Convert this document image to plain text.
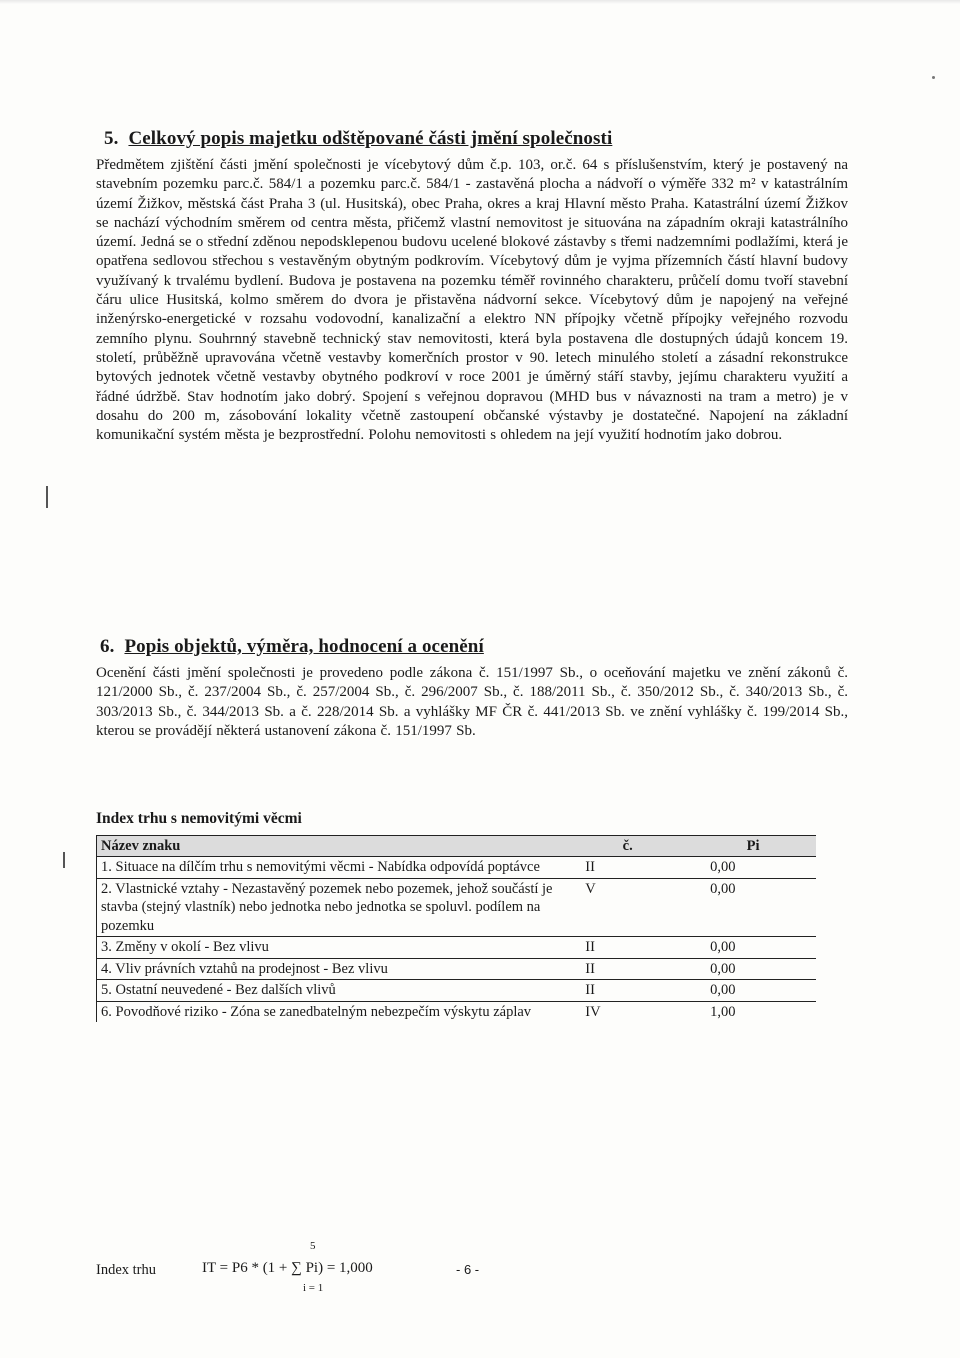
5. Celkový popis majetku odštěpované části jmění společnosti

Předmětem zjištění části jmění společnosti je vícebytový dům č.p. 103, or.č. 64 s příslušenstvím, který je postavený na stavebním pozemku parc.č. 584/1 a pozemku parc.č. 584/1 - zastavěná plocha a nádvoří o výměře 332 m² v katastrálním území Žižkov, městská část Praha 3 (ul. Husitská), obec Praha, okres a kraj Hlavní město Praha. Katastrální území Žižkov se nachází východním směrem od centra města, přičemž vlastní nemovitost je situována na západním okraji katastrálního území. Jedná se o střední zděnou nepodsklepenou budovu ucelené blokové zástavby s třemi nadzemními podlažími, která je opatřena sedlovou střechou s vestavěným obytným podkrovím. Vícebytový dům je vyjma přízemních částí hlavní budovy využívaný k trvalému bydlení. Budova je postavena na pozemku téměř rovinného charakteru, průčelí domu tvoří stavební čáru ulice Husitská, kolmo směrem do dvora je přistavěna nádvorní sekce. Vícebytový dům je napojený na veřejné inženýrsko-energetické v rozsahu vodovodní, kanalizační a elektro NN přípojky včetně přípojky veřejného rozvodu zemního plynu. Souhrnný stavebně technický stav nemovitosti, která byla postavena dle dostupných údajů koncem 19. století, průběžně upravována včetně vestavby komerčních prostor v 90. letech minulého století a zásadní rekonstrukce bytových jednotek včetně vestavby obytného podkroví v roce 2001 je úměrný stáří stavby, jejímu charakteru využití a řádné údržbě. Stav hodnotím jako dobrý. Spojení s veřejnou dopravou (MHD bus v návaznosti na tram a metro) je v dosahu do 200 m, zásobování lokality včetně zastoupení občanské výstavby je dostatečné. Napojení na základní komunikační systém města je bezprostřední. Polohu nemovitosti s ohledem na její využití hodnotím jako dobrou.

6. Popis objektů, výměra, hodnocení a ocenění

Ocenění části jmění společnosti je provedeno podle zákona č. 151/1997 Sb., o oceňování majetku ve znění zákonů č. 121/2000 Sb., č. 237/2004 Sb., č. 257/2004 Sb., č. 296/2007 Sb., č. 188/2011 Sb., č. 350/2012 Sb., č. 340/2013 Sb., č. 303/2013 Sb., č. 344/2013 Sb. a č. 228/2014 Sb. a vyhlášky MF ČR č. 441/2013 Sb. ve znění vyhlášky č. 199/2014 Sb., kterou se provádějí některá ustanovení zákona č. 151/1997 Sb.

Index trhu s nemovitými věcmi
Název znaku	č.	Pi
1. Situace na dílčím trhu s nemovitými věcmi - Nabídka odpovídá poptávce	II	0,00
2. Vlastnické vztahy - Nezastavěný pozemek nebo pozemek, jehož součástí je stavba (stejný vlastník) nebo jednotka nebo jednotka se spoluvl. podílem na pozemku	V	0,00
3. Změny v okolí - Bez vlivu	II	0,00
4. Vliv právních vztahů na prodejnost - Bez vlivu	II	0,00
5. Ostatní neuvedené - Bez dalších vlivů	II	0,00
6. Povodňové riziko - Zóna se zanedbatelným nebezpečím výskytu záplav	IV	1,00
5
Index trhu	IT = P6 * (1 + ∑ Pi) = 1,000
i = 1
- 6 -
